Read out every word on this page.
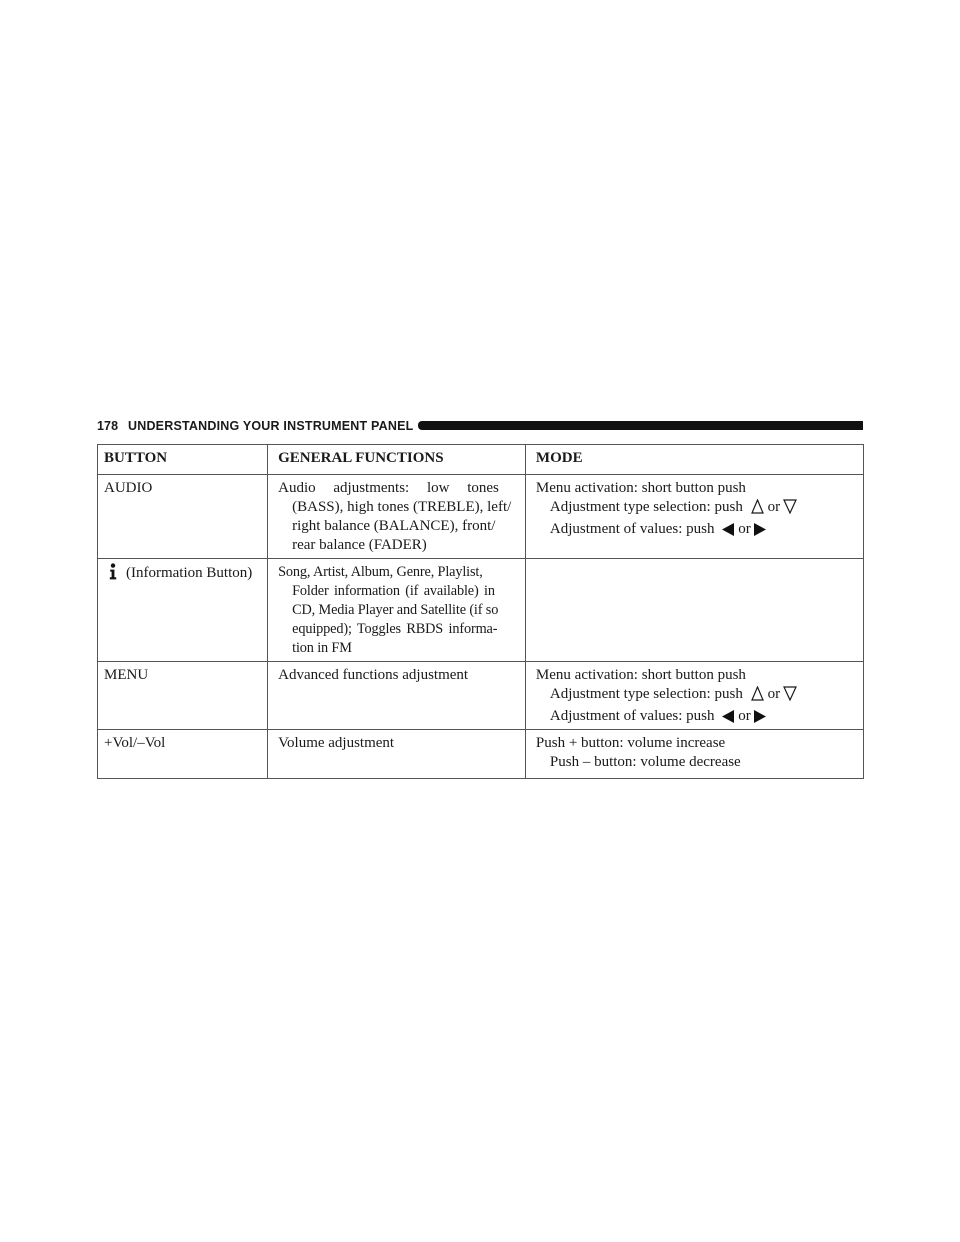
178 UNDERSTANDING YOUR INSTRUMENT PANEL
BUTTON	GENERAL FUNCTIONS	MODE

AUDIO	Audio adjustments: low tones
(BASS), high tones (TREBLE), left/
right balance (BALANCE), front/
rear balance (FADER)	Menu activation: short button push
Adjustment type selection: push or
Adjustment of values: push or

(Information Button)	Song, Artist, Album, Genre, Playlist,
Folder information (if available) in
CD, Media Player and Satellite (if so
equipped); Toggles RBDS informa-
tion in FM	

MENU	Advanced functions adjustment	Menu activation: short button push
Adjustment type selection: push or
Adjustment of values: push or

+Vol/–Vol	Volume adjustment	Push + button: volume increase
Push – button: volume decrease
